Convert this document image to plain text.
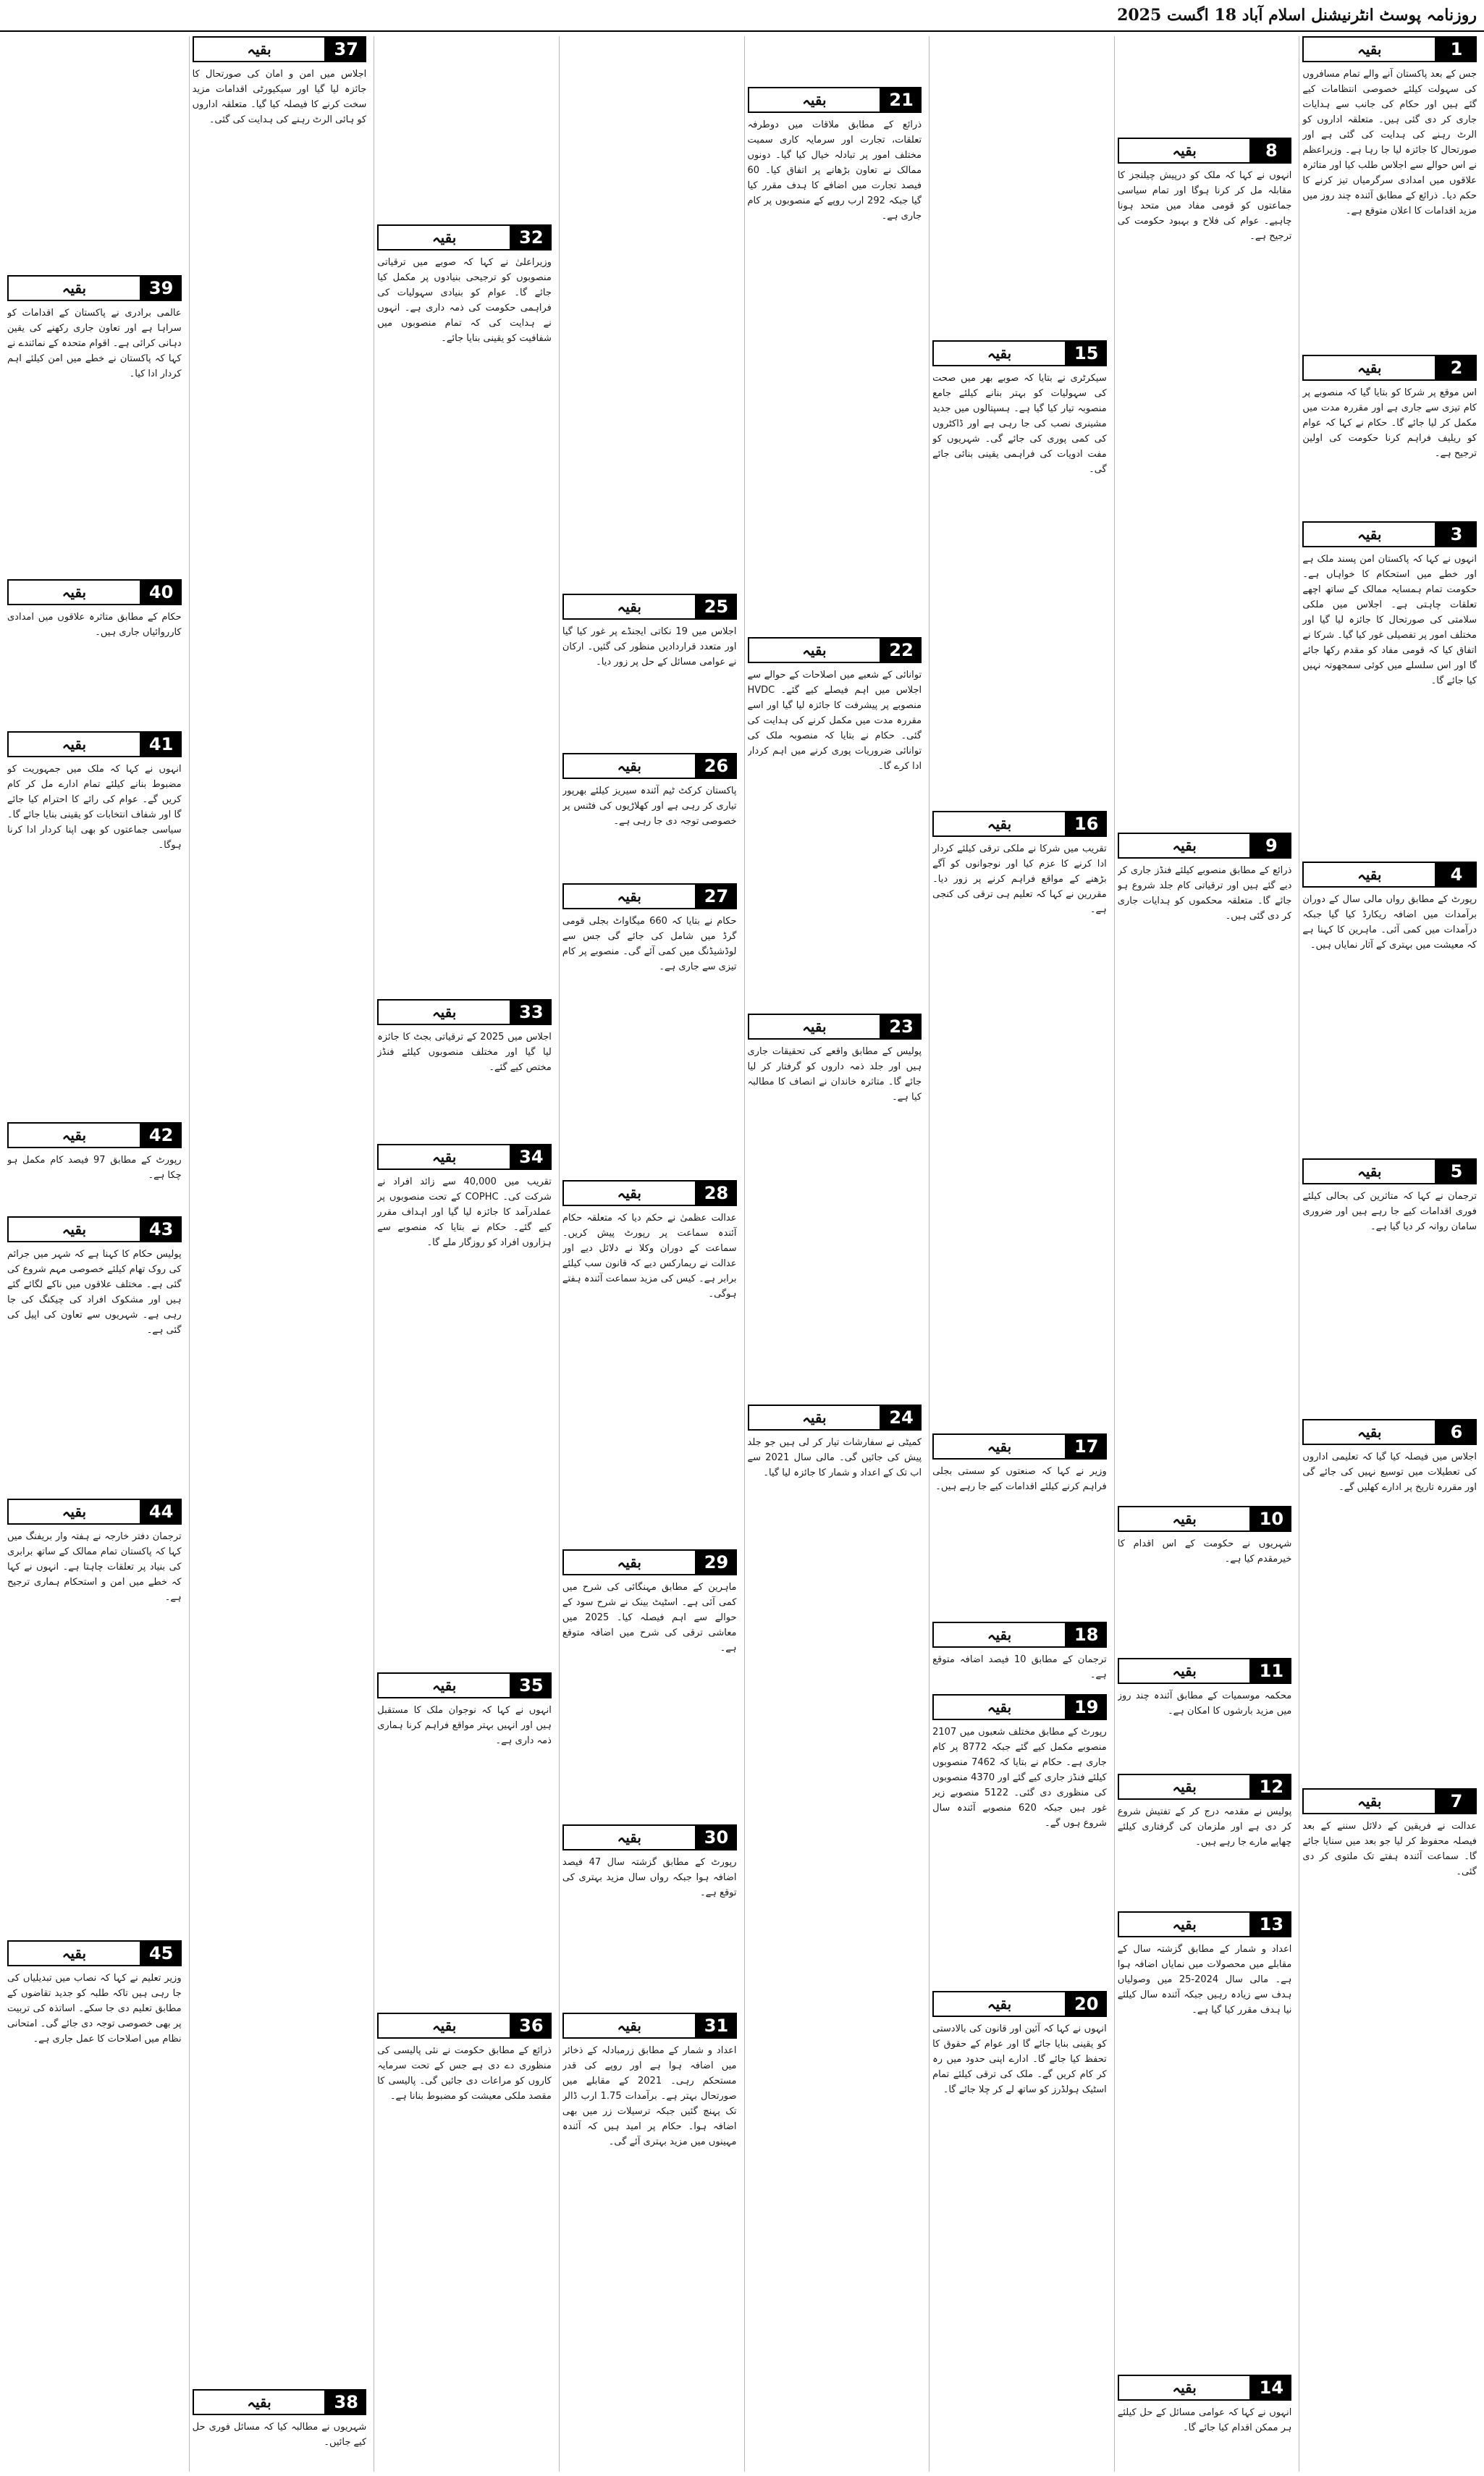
روزنامہ پوسٹ انٹرنیشنل اسلام آباد 18 اگست 2025
1
بقیہ
جس کے بعد پاکستان آنے والے تمام مسافروں کی سہولت کیلئے خصوصی انتظامات کیے گئے ہیں اور حکام کی جانب سے ہدایات جاری کر دی گئی ہیں۔ متعلقہ اداروں کو الرٹ رہنے کی ہدایت کی گئی ہے اور صورتحال کا جائزہ لیا جا رہا ہے۔ وزیراعظم نے اس حوالے سے اجلاس طلب کیا اور متاثرہ علاقوں میں امدادی سرگرمیاں تیز کرنے کا حکم دیا۔ ذرائع کے مطابق آئندہ چند روز میں مزید اقدامات کا اعلان متوقع ہے۔
2
بقیہ
اس موقع پر شرکا کو بتایا گیا کہ منصوبے پر کام تیزی سے جاری ہے اور مقررہ مدت میں مکمل کر لیا جائے گا۔ حکام نے کہا کہ عوام کو ریلیف فراہم کرنا حکومت کی اولین ترجیح ہے۔
3
بقیہ
انہوں نے کہا کہ پاکستان امن پسند ملک ہے اور خطے میں استحکام کا خواہاں ہے۔ حکومت تمام ہمسایہ ممالک کے ساتھ اچھے تعلقات چاہتی ہے۔ اجلاس میں ملکی سلامتی کی صورتحال کا جائزہ لیا گیا اور مختلف امور پر تفصیلی غور کیا گیا۔ شرکا نے اتفاق کیا کہ قومی مفاد کو مقدم رکھا جائے گا اور اس سلسلے میں کوئی سمجھوتہ نہیں کیا جائے گا۔
4
بقیہ
رپورٹ کے مطابق رواں مالی سال کے دوران برآمدات میں اضافہ ریکارڈ کیا گیا جبکہ درآمدات میں کمی آئی۔ ماہرین کا کہنا ہے کہ معیشت میں بہتری کے آثار نمایاں ہیں۔
5
بقیہ
ترجمان نے کہا کہ متاثرین کی بحالی کیلئے فوری اقدامات کیے جا رہے ہیں اور ضروری سامان روانہ کر دیا گیا ہے۔
6
بقیہ
اجلاس میں فیصلہ کیا گیا کہ تعلیمی اداروں کی تعطیلات میں توسیع نہیں کی جائے گی اور مقررہ تاریخ پر ادارے کھلیں گے۔
7
بقیہ
عدالت نے فریقین کے دلائل سننے کے بعد فیصلہ محفوظ کر لیا جو بعد میں سنایا جائے گا۔ سماعت آئندہ ہفتے تک ملتوی کر دی گئی۔
8
بقیہ
انہوں نے کہا کہ ملک کو درپیش چیلنجز کا مقابلہ مل کر کرنا ہوگا اور تمام سیاسی جماعتوں کو قومی مفاد میں متحد ہونا چاہیے۔ عوام کی فلاح و بہبود حکومت کی ترجیح ہے۔
9
بقیہ
ذرائع کے مطابق منصوبے کیلئے فنڈز جاری کر دیے گئے ہیں اور ترقیاتی کام جلد شروع ہو جائے گا۔ متعلقہ محکموں کو ہدایات جاری کر دی گئی ہیں۔
10
بقیہ
شہریوں نے حکومت کے اس اقدام کا خیرمقدم کیا ہے۔
11
بقیہ
محکمہ موسمیات کے مطابق آئندہ چند روز میں مزید بارشوں کا امکان ہے۔
12
بقیہ
پولیس نے مقدمہ درج کر کے تفتیش شروع کر دی ہے اور ملزمان کی گرفتاری کیلئے چھاپے مارے جا رہے ہیں۔
13
بقیہ
اعداد و شمار کے مطابق گزشتہ سال کے مقابلے میں محصولات میں نمایاں اضافہ ہوا ہے۔ مالی سال 2024-25 میں وصولیاں ہدف سے زیادہ رہیں جبکہ آئندہ سال کیلئے نیا ہدف مقرر کیا گیا ہے۔
14
بقیہ
انہوں نے کہا کہ عوامی مسائل کے حل کیلئے ہر ممکن اقدام کیا جائے گا۔
15
بقیہ
سیکرٹری نے بتایا کہ صوبے بھر میں صحت کی سہولیات کو بہتر بنانے کیلئے جامع منصوبہ تیار کیا گیا ہے۔ ہسپتالوں میں جدید مشینری نصب کی جا رہی ہے اور ڈاکٹروں کی کمی پوری کی جائے گی۔ شہریوں کو مفت ادویات کی فراہمی یقینی بنائی جائے گی۔
16
بقیہ
تقریب میں شرکا نے ملکی ترقی کیلئے کردار ادا کرنے کا عزم کیا اور نوجوانوں کو آگے بڑھنے کے مواقع فراہم کرنے پر زور دیا۔ مقررین نے کہا کہ تعلیم ہی ترقی کی کنجی ہے۔
17
بقیہ
وزیر نے کہا کہ صنعتوں کو سستی بجلی فراہم کرنے کیلئے اقدامات کیے جا رہے ہیں۔
18
بقیہ
ترجمان کے مطابق 10 فیصد اضافہ متوقع ہے۔
19
بقیہ
رپورٹ کے مطابق مختلف شعبوں میں 2107 منصوبے مکمل کیے گئے جبکہ 8772 پر کام جاری ہے۔ حکام نے بتایا کہ 7462 منصوبوں کیلئے فنڈز جاری کیے گئے اور 4370 منصوبوں کی منظوری دی گئی۔ 5122 منصوبے زیر غور ہیں جبکہ 620 منصوبے آئندہ سال شروع ہوں گے۔
20
بقیہ
انہوں نے کہا کہ آئین اور قانون کی بالادستی کو یقینی بنایا جائے گا اور عوام کے حقوق کا تحفظ کیا جائے گا۔ ادارے اپنی حدود میں رہ کر کام کریں گے۔ ملک کی ترقی کیلئے تمام اسٹیک ہولڈرز کو ساتھ لے کر چلا جائے گا۔
21
بقیہ
ذرائع کے مطابق ملاقات میں دوطرفہ تعلقات، تجارت اور سرمایہ کاری سمیت مختلف امور پر تبادلہ خیال کیا گیا۔ دونوں ممالک نے تعاون بڑھانے پر اتفاق کیا۔ 60 فیصد تجارت میں اضافے کا ہدف مقرر کیا گیا جبکہ 292 ارب روپے کے منصوبوں پر کام جاری ہے۔
22
بقیہ
توانائی کے شعبے میں اصلاحات کے حوالے سے اجلاس میں اہم فیصلے کیے گئے۔ HVDC منصوبے پر پیشرفت کا جائزہ لیا گیا اور اسے مقررہ مدت میں مکمل کرنے کی ہدایت کی گئی۔ حکام نے بتایا کہ منصوبہ ملک کی توانائی ضروریات پوری کرنے میں اہم کردار ادا کرے گا۔
23
بقیہ
پولیس کے مطابق واقعے کی تحقیقات جاری ہیں اور جلد ذمہ داروں کو گرفتار کر لیا جائے گا۔ متاثرہ خاندان نے انصاف کا مطالبہ کیا ہے۔
24
بقیہ
کمیٹی نے سفارشات تیار کر لی ہیں جو جلد پیش کی جائیں گی۔ مالی سال 2021 سے اب تک کے اعداد و شمار کا جائزہ لیا گیا۔
25
بقیہ
اجلاس میں 19 نکاتی ایجنڈے پر غور کیا گیا اور متعدد قراردادیں منظور کی گئیں۔ ارکان نے عوامی مسائل کے حل پر زور دیا۔
26
بقیہ
پاکستان کرکٹ ٹیم آئندہ سیریز کیلئے بھرپور تیاری کر رہی ہے اور کھلاڑیوں کی فٹنس پر خصوصی توجہ دی جا رہی ہے۔
27
بقیہ
حکام نے بتایا کہ 660 میگاواٹ بجلی قومی گرڈ میں شامل کی جائے گی جس سے لوڈشیڈنگ میں کمی آئے گی۔ منصوبے پر کام تیزی سے جاری ہے۔
28
بقیہ
عدالت عظمیٰ نے حکم دیا کہ متعلقہ حکام آئندہ سماعت پر رپورٹ پیش کریں۔ سماعت کے دوران وکلا نے دلائل دیے اور عدالت نے ریمارکس دیے کہ قانون سب کیلئے برابر ہے۔ کیس کی مزید سماعت آئندہ ہفتے ہوگی۔
29
بقیہ
ماہرین کے مطابق مہنگائی کی شرح میں کمی آئی ہے۔ اسٹیٹ بینک نے شرح سود کے حوالے سے اہم فیصلہ کیا۔ 2025 میں معاشی ترقی کی شرح میں اضافہ متوقع ہے۔
30
بقیہ
رپورٹ کے مطابق گزشتہ سال 47 فیصد اضافہ ہوا جبکہ رواں سال مزید بہتری کی توقع ہے۔
31
بقیہ
اعداد و شمار کے مطابق زرمبادلہ کے ذخائر میں اضافہ ہوا ہے اور روپے کی قدر مستحکم رہی۔ 2021 کے مقابلے میں صورتحال بہتر ہے۔ برآمدات 1.75 ارب ڈالر تک پہنچ گئیں جبکہ ترسیلات زر میں بھی اضافہ ہوا۔ حکام پر امید ہیں کہ آئندہ مہینوں میں مزید بہتری آئے گی۔
32
بقیہ
وزیراعلیٰ نے کہا کہ صوبے میں ترقیاتی منصوبوں کو ترجیحی بنیادوں پر مکمل کیا جائے گا۔ عوام کو بنیادی سہولیات کی فراہمی حکومت کی ذمہ داری ہے۔ انہوں نے ہدایت کی کہ تمام منصوبوں میں شفافیت کو یقینی بنایا جائے۔
33
بقیہ
اجلاس میں 2025 کے ترقیاتی بجٹ کا جائزہ لیا گیا اور مختلف منصوبوں کیلئے فنڈز مختص کیے گئے۔
34
بقیہ
تقریب میں 40,000 سے زائد افراد نے شرکت کی۔ COPHC کے تحت منصوبوں پر عملدرآمد کا جائزہ لیا گیا اور اہداف مقرر کیے گئے۔ حکام نے بتایا کہ منصوبے سے ہزاروں افراد کو روزگار ملے گا۔
35
بقیہ
انہوں نے کہا کہ نوجوان ملک کا مستقبل ہیں اور انہیں بہتر مواقع فراہم کرنا ہماری ذمہ داری ہے۔
36
بقیہ
ذرائع کے مطابق حکومت نے نئی پالیسی کی منظوری دے دی ہے جس کے تحت سرمایہ کاروں کو مراعات دی جائیں گی۔ پالیسی کا مقصد ملکی معیشت کو مضبوط بنانا ہے۔
37
بقیہ
اجلاس میں امن و امان کی صورتحال کا جائزہ لیا گیا اور سیکیورٹی اقدامات مزید سخت کرنے کا فیصلہ کیا گیا۔ متعلقہ اداروں کو ہائی الرٹ رہنے کی ہدایت کی گئی۔
38
بقیہ
شہریوں نے مطالبہ کیا کہ مسائل فوری حل کیے جائیں۔
39
بقیہ
عالمی برادری نے پاکستان کے اقدامات کو سراہا ہے اور تعاون جاری رکھنے کی یقین دہانی کرائی ہے۔ اقوام متحدہ کے نمائندے نے کہا کہ پاکستان نے خطے میں امن کیلئے اہم کردار ادا کیا۔
40
بقیہ
حکام کے مطابق متاثرہ علاقوں میں امدادی کارروائیاں جاری ہیں۔
41
بقیہ
انہوں نے کہا کہ ملک میں جمہوریت کو مضبوط بنانے کیلئے تمام ادارے مل کر کام کریں گے۔ عوام کی رائے کا احترام کیا جائے گا اور شفاف انتخابات کو یقینی بنایا جائے گا۔ سیاسی جماعتوں کو بھی اپنا کردار ادا کرنا ہوگا۔
42
بقیہ
رپورٹ کے مطابق 97 فیصد کام مکمل ہو چکا ہے۔
43
بقیہ
پولیس حکام کا کہنا ہے کہ شہر میں جرائم کی روک تھام کیلئے خصوصی مہم شروع کی گئی ہے۔ مختلف علاقوں میں ناکے لگائے گئے ہیں اور مشکوک افراد کی چیکنگ کی جا رہی ہے۔ شہریوں سے تعاون کی اپیل کی گئی ہے۔
44
بقیہ
ترجمان دفتر خارجہ نے ہفتہ وار بریفنگ میں کہا کہ پاکستان تمام ممالک کے ساتھ برابری کی بنیاد پر تعلقات چاہتا ہے۔ انہوں نے کہا کہ خطے میں امن و استحکام ہماری ترجیح ہے۔
45
بقیہ
وزیر تعلیم نے کہا کہ نصاب میں تبدیلیاں کی جا رہی ہیں تاکہ طلبہ کو جدید تقاضوں کے مطابق تعلیم دی جا سکے۔ اساتذہ کی تربیت پر بھی خصوصی توجہ دی جائے گی۔ امتحانی نظام میں اصلاحات کا عمل جاری ہے۔
